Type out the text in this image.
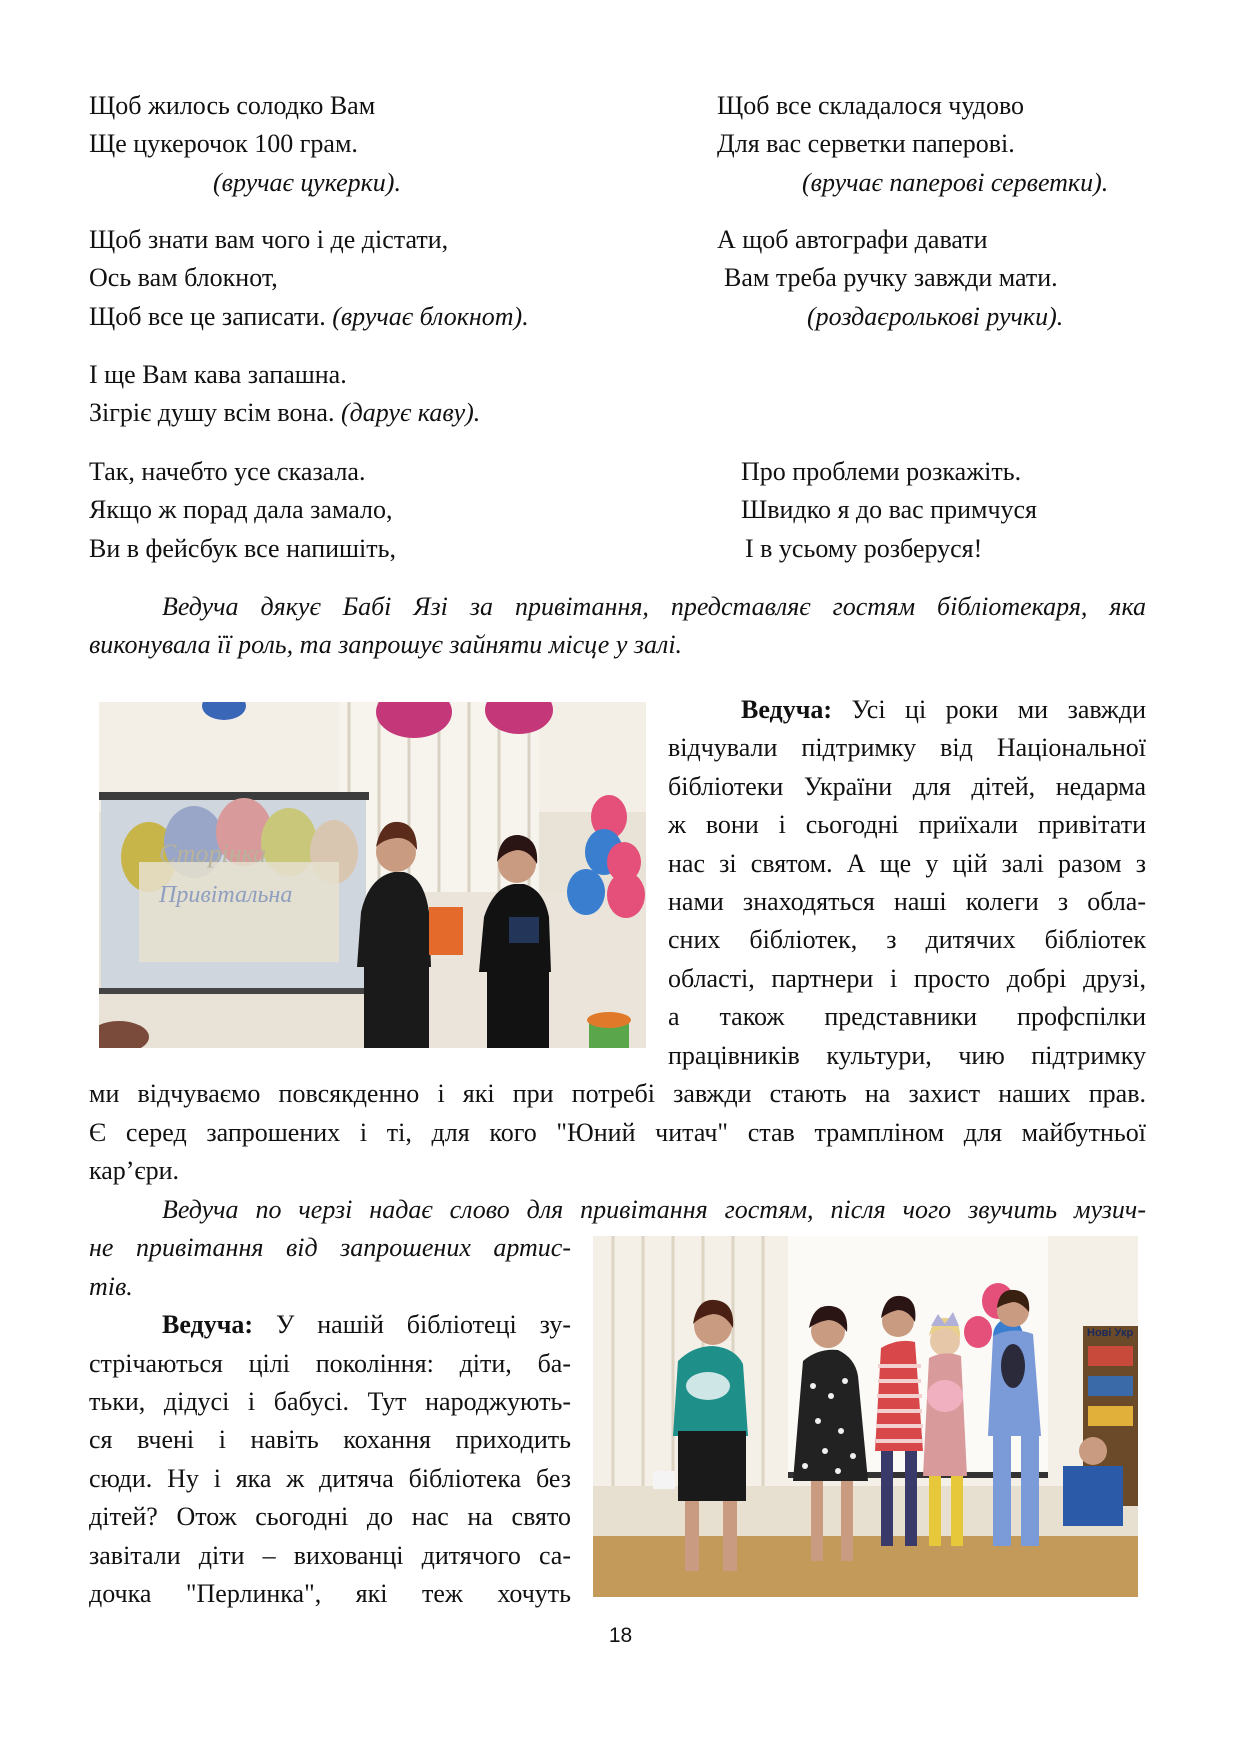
Щоб жилось солодко Вам
Ще цукерочок 100 грам.
(вручає цукерки).
Щоб знати вам чого і де дістати,
Ось вам блокнот,
Щоб все це записати. (вручає блокнот).
І ще Вам кава запашна.
Зігріє душу всім вона. (дарує каву).
Так, начебто усе сказала.
Якщо ж порад дала замало,
Ви в фейсбук все напишіть,
Щоб все складалося чудово
Для вас серветки паперові.
(вручає паперові серветки).
А щоб автографи давати
Вам треба ручку завжди мати.
(роздаєролькові ручки).
Про проблеми розкажіть.
Швидко я до вас примчуся
І в усьому розберуся!
Ведуча дякує Бабі Язі за привітання, представляє гостям бібліотекаря, яка
виконувала її роль, та запрошує зайняти місце у залі.
Сторінка
Привітальна
Ведуча: Усі ці роки ми завжди
відчували підтримку від Національної
бібліотеки України для дітей, недарма
ж вони і сьогодні приїхали привітати
нас зі святом. А ще у цій залі разом з
нами знаходяться наші колеги з обла-
сних бібліотек, з дитячих бібліотек
області, партнери і просто добрі друзі,
а також представники профспілки
працівників культури, чию підтримку
ми відчуваємо повсякденно і які при потребі завжди стають на захист наших прав.
Є серед запрошених і ті, для кого "Юний читач" став трампліном для майбутньої
кар’єри.
Ведуча по черзі надає слово для привітання гостям, після чого звучить музич-
не привітання від запрошених артис-
тів.
Ведуча: У нашій бібліотеці зу-
стрічаються цілі покоління: діти, ба-
тьки, дідусі і бабусі. Тут народжують-
ся вчені і навіть кохання приходить
сюди. Ну і яка ж дитяча бібліотека без
дітей? Отож сьогодні до нас на свято
завітали діти – вихованці дитячого са-
дочка "Перлинка", які теж хочуть
Нові Укр
18
